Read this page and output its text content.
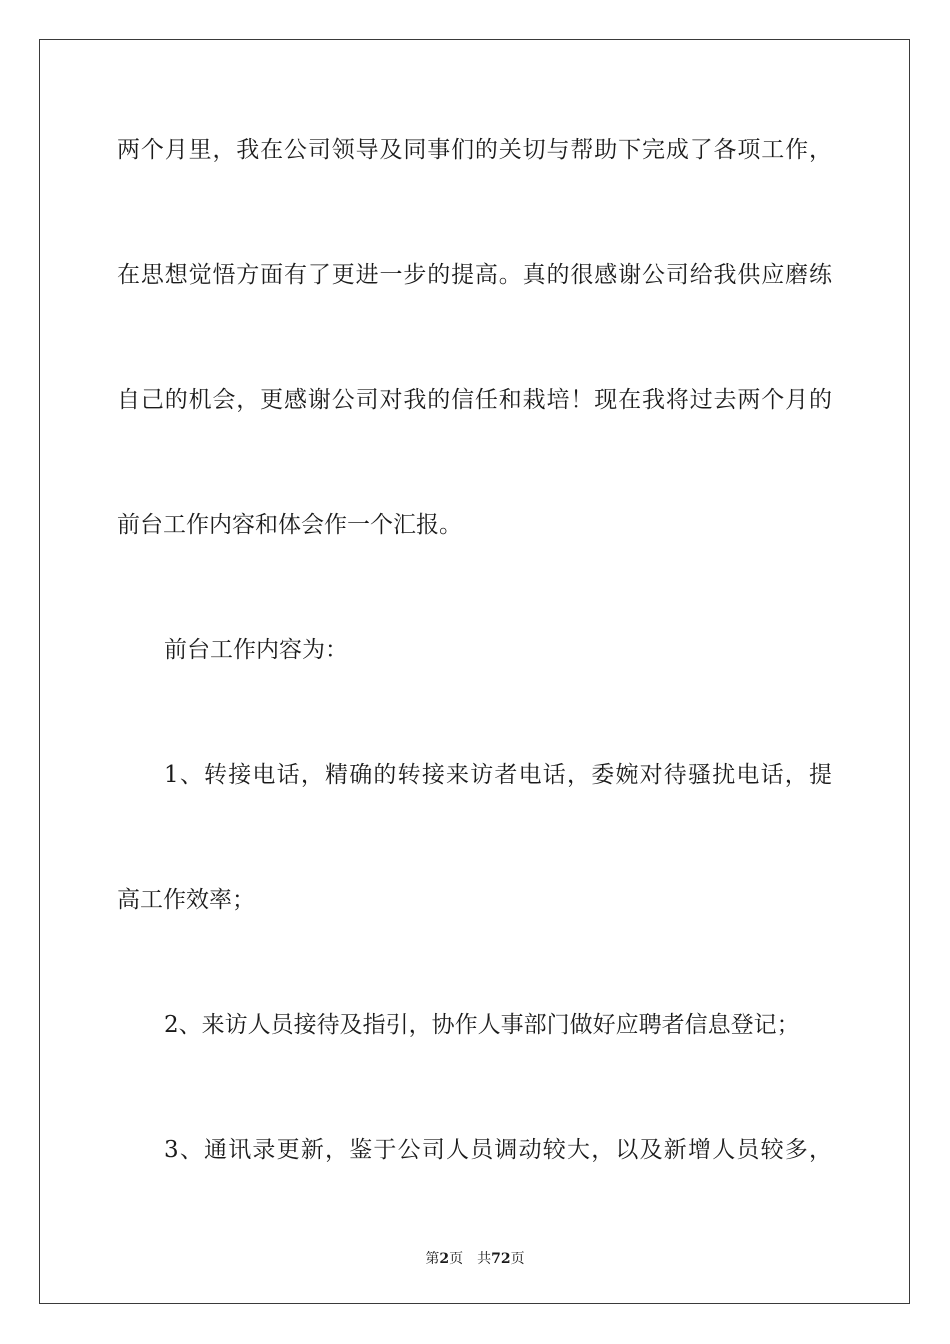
两个月里，我在公司领导及同事们的关切与帮助下完成了各项工作，

在思想觉悟方面有了更进一步的提高。真的很感谢公司给我供应磨练

自己的机会，更感谢公司对我的信任和栽培！现在我将过去两个月的

前台工作内容和体会作一个汇报。

前台工作内容为：

1、转接电话，精确的转接来访者电话，委婉对待骚扰电话，提

高工作效率；

2、来访人员接待及指引，协作人事部门做好应聘者信息登记；

3、通讯录更新，鉴于公司人员调动较大，以及新增人员较多，

第2页 共72页
